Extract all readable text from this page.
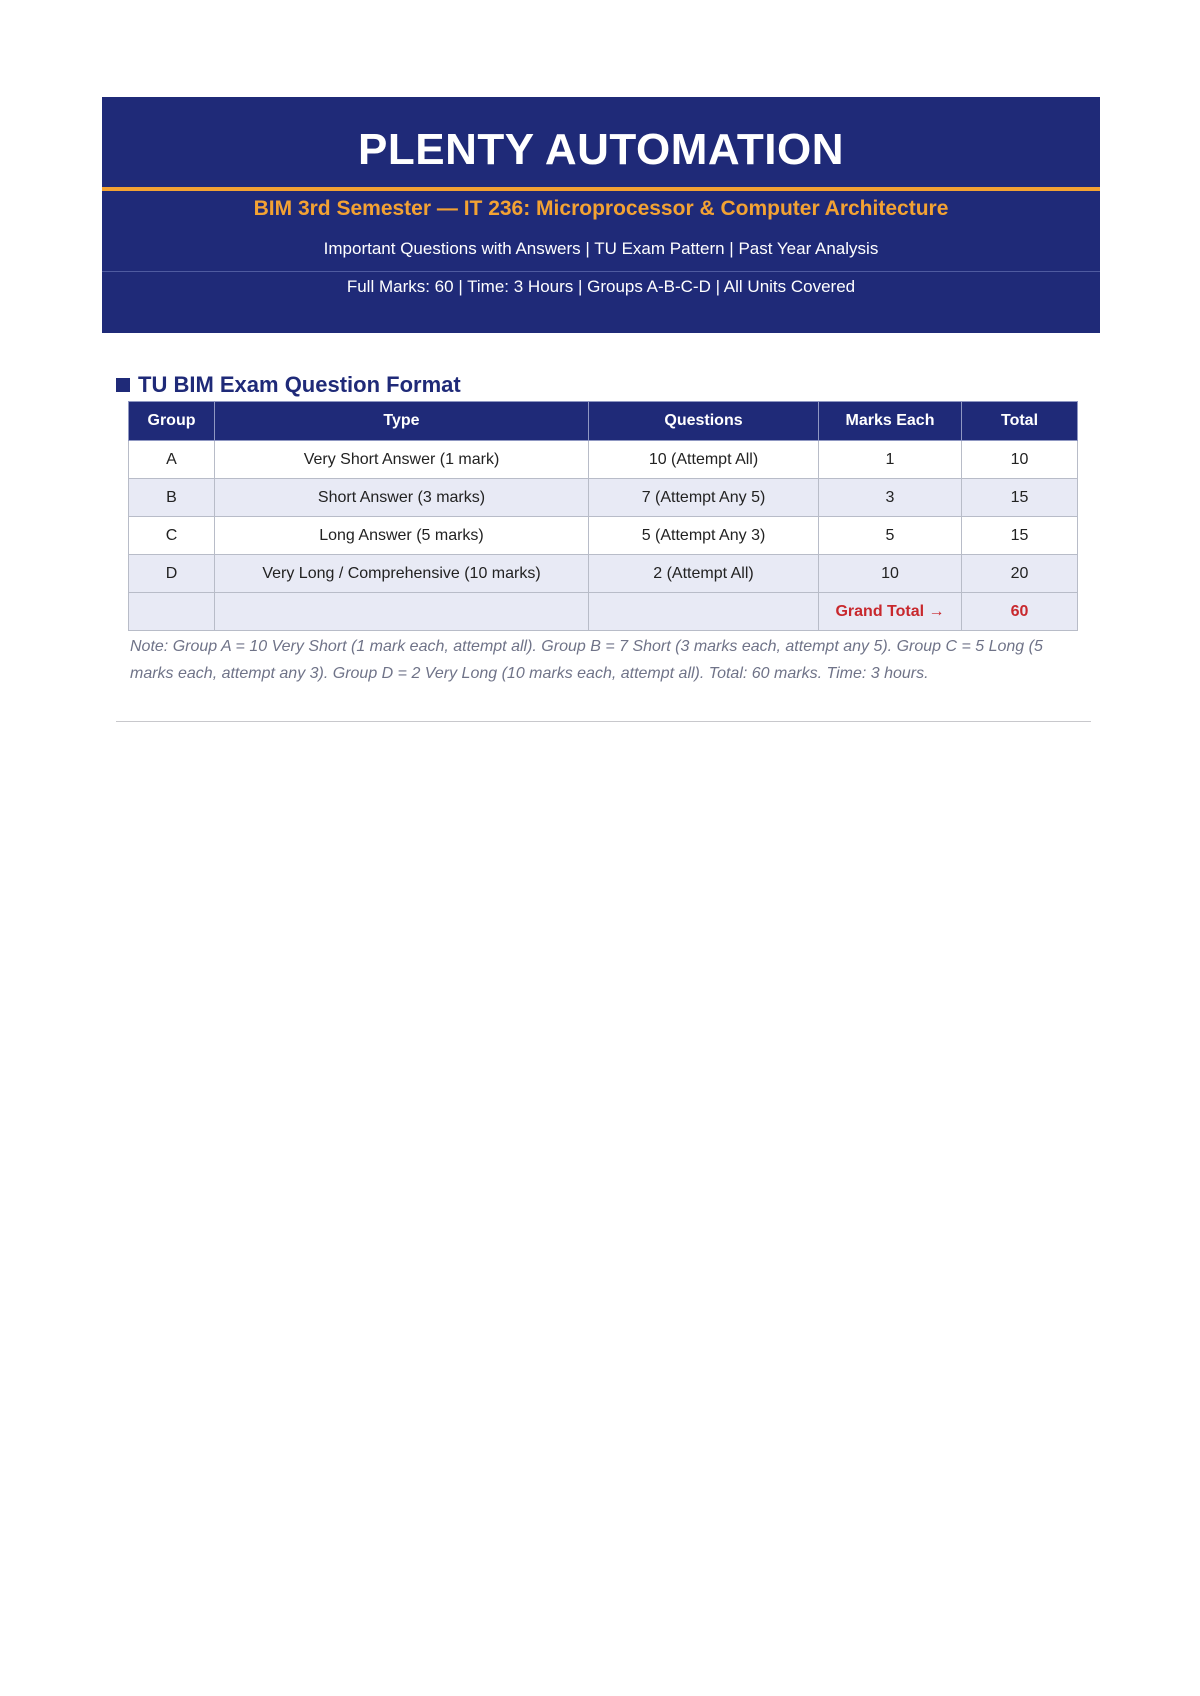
PLENTY AUTOMATION
BIM 3rd Semester — IT 236: Microprocessor & Computer Architecture
Important Questions with Answers | TU Exam Pattern | Past Year Analysis
Full Marks: 60 | Time: 3 Hours | Groups A-B-C-D | All Units Covered
TU BIM Exam Question Format
Group	Type	Questions	Marks Each	Total
A	Very Short Answer (1 mark)	10 (Attempt All)	1	10
B	Short Answer (3 marks)	7 (Attempt Any 5)	3	15
C	Long Answer (5 marks)	5 (Attempt Any 3)	5	15
D	Very Long / Comprehensive (10 marks)	2 (Attempt All)	10	20
			Grand Total →	60
Note: Group A = 10 Very Short (1 mark each, attempt all). Group B = 7 Short (3 marks each, attempt any 5). Group C = 5 Long (5 marks each, attempt any 3). Group D = 2 Very Long (10 marks each, attempt all). Total: 60 marks. Time: 3 hours.
